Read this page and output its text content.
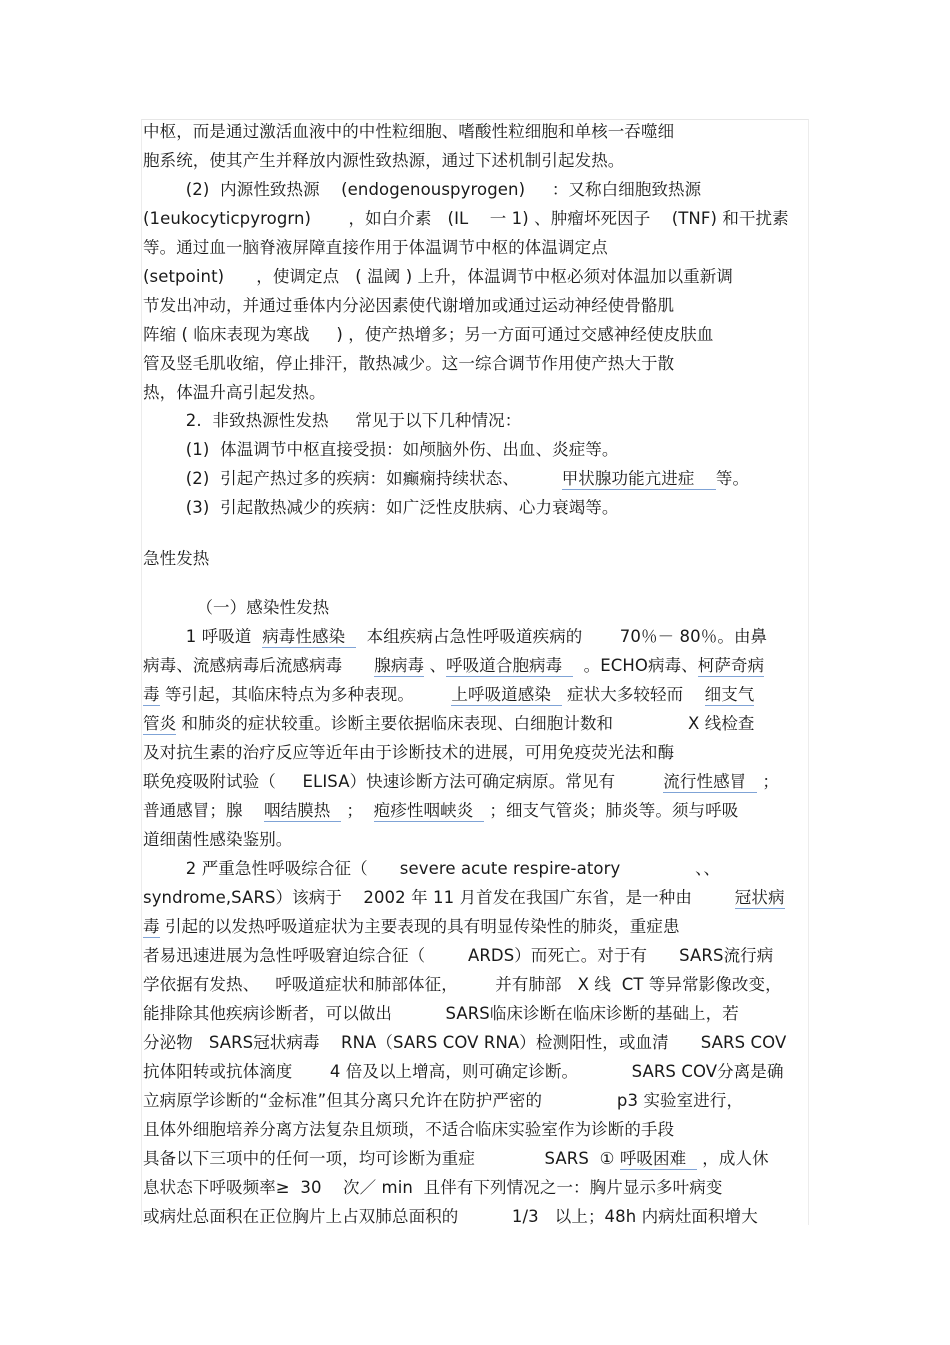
中枢，而是通过激活血液中的中性粒细胞、嗜酸性粒细胞和单核一吞噬细
胞系统，使其产生并释放内源性致热源，通过下述机制引起发热。
(2)  内源性致热源    (endogenouspyrogen)     ：又称白细胞致热源
(1eukocyticpyrogrn)       ，如白介素   (IL    一 1) 、肿瘤坏死因子    (TNF) 和干扰素
等。通过血一脑脊液屏障直接作用于体温调节中枢的体温调定点
(setpoint)      ，使调定点   ( 温阈 ) 上升，体温调节中枢必须对体温加以重新调
节发出冲动，并通过垂体内分泌因素使代谢增加或通过运动神经使骨骼肌
阵缩 ( 临床表现为寒战     ) ，使产热增多；另一方面可通过交感神经使皮肤血
管及竖毛肌收缩，停止排汗，散热减少。这一综合调节作用使产热大于散
热，体温升高引起发热。
2.  非致热源性发热     常见于以下几种情况：
(1)  体温调节中枢直接受损：如颅脑外伤、出血、炎症等。
(2)  引起产热过多的疾病：如癫痫持续状态、        甲状腺功能亢进症    等。
(3)  引起散热减少的疾病：如广泛性皮肤病、心力衰竭等。
急性发热
（一）感染性发热
1 呼吸道  病毒性感染    本组疾病占急性呼吸道疾病的       70％－ 80％。由鼻
病毒、流感病毒后流感病毒      腺病毒 、呼吸道合胞病毒    。ECHO病毒、柯萨奇病
毒 等引起，其临床特点为多种表现。       上呼吸道感染   症状大多较轻而    细支气
管炎 和肺炎的症状较重。诊断主要依据临床表现、白细胞计数和              X 线检查
及对抗生素的治疗反应等近年由于诊断技术的进展，可用免疫荧光法和酶
联免疫吸附试验（     ELISA）快速诊断方法可确定病原。常见有         流行性感冒   ；
普通感冒；腺    咽结膜热   ；  疱疹性咽峡炎   ；细支气管炎；肺炎等。须与呼吸
道细菌性感染鉴别。
2 严重急性呼吸综合征（      severe acute respire-atory              、、
syndrome,SARS）该病于    2002 年 11 月首发在我国广东省，是一种由        冠状病
毒 引起的以发热呼吸道症状为主要表现的具有明显传染性的肺炎，重症患
者易迅速进展为急性呼吸窘迫综合征（        ARDS）而死亡。对于有      SARS流行病
学依据有发热、   呼吸道症状和肺部体征，       并有肺部   X 线  CT 等异常影像改变，
能排除其他疾病诊断者，可以做出          SARS临床诊断在临床诊断的基础上，若
分泌物   SARS冠状病毒    RNA（SARS COV RNA）检测阳性，或血清      SARS COV
抗体阳转或抗体滴度       4 倍及以上增高，则可确定诊断。          SARS COV分离是确
立病原学诊断的“金标准”但其分离只允许在防护严密的              p3 实验室进行，
且体外细胞培养分离方法复杂且烦琐，不适合临床实验室作为诊断的手段
具备以下三项中的任何一项，均可诊断为重症             SARS  ① 呼吸困难   ，成人休
息状态下呼吸频率≥  30    次／ min  且伴有下列情况之一：胸片显示多叶病变
或病灶总面积在正位胸片上占双肺总面积的          1/3   以上；48h 内病灶面积增大
